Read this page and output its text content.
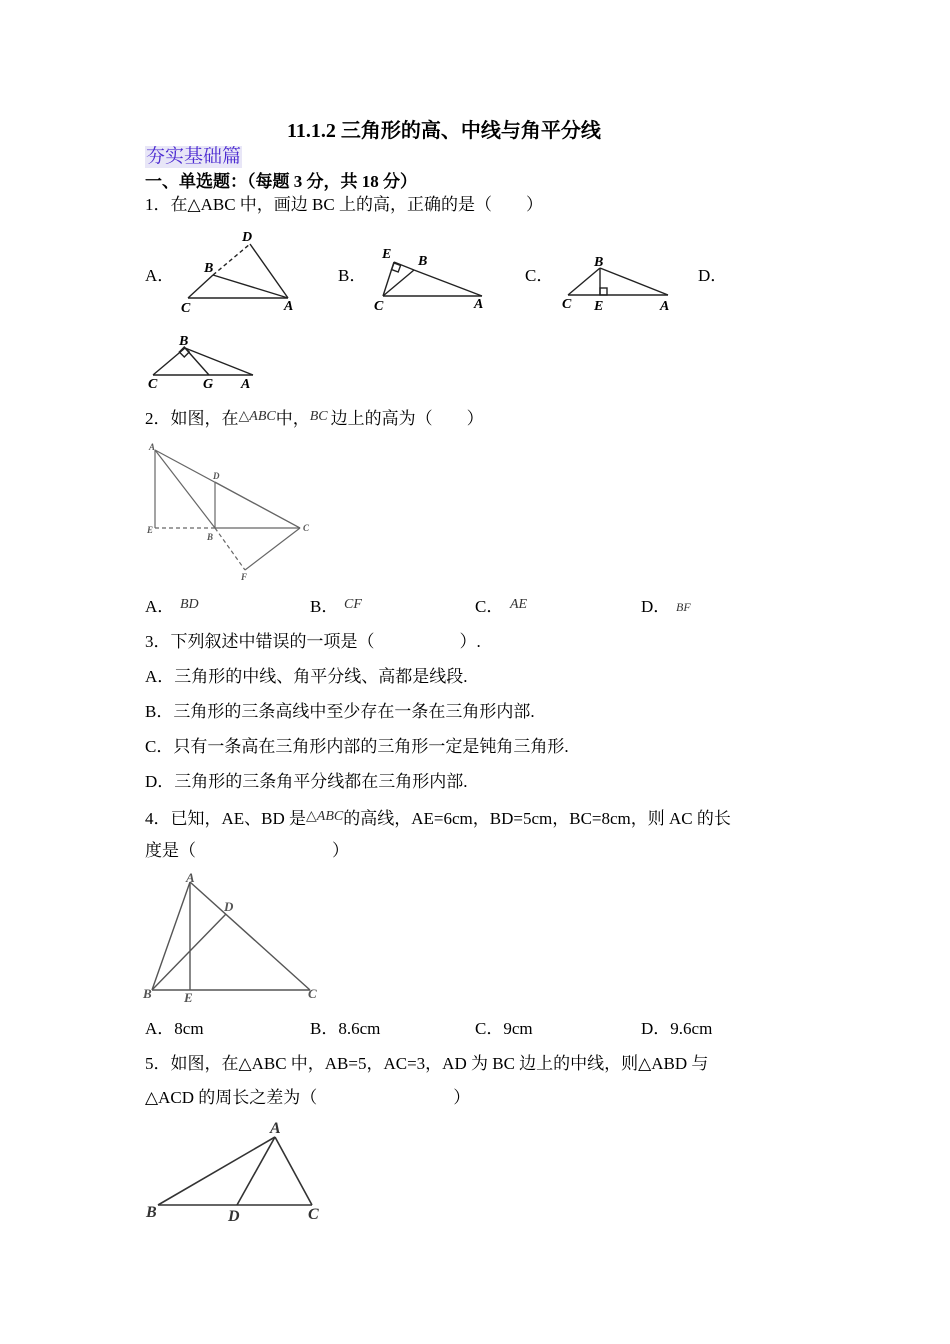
11.1.2 三角形的高、中线与角平分线
夯实基础篇
一、单选题：（每题 3 分，共 18 分）
1．在△ABC 中，画边 BC 上的高，正确的是（　　）
A．	B．	C．	D．
D
B
C	A
E B
C	A
B
C E	A
B
C	G A
2．如图，在$^{\triangle ABC}$中，$^{BC}$ 边上的高为（　　）
A
D
E
B
C
F
A． BD	B． CF	C． AE	D． BF
3．下列叙述中错误的一项是（　　　　　）.
A．三角形的中线、角平分线、高都是线段.
B．三角形的三条高线中至少存在一条在三角形内部.
C．只有一条高在三角形内部的三角形一定是钝角三角形.
D．三角形的三条角平分线都在三角形内部.
4．已知，AE、BD 是$^{\triangle ABC}$的高线，AE=6cm，BD=5cm，BC=8cm，则 AC 的长
度是（　　　　　　　　）
A
D
B E	C
A．8cm	B．8.6cm	C．9cm	D．9.6cm
5．如图，在△ABC 中，AB=5，AC=3，AD 为 BC 边上的中线，则△ABD 与
△ACD 的周长之差为（　　　　　　　　）
A
B	D	C
